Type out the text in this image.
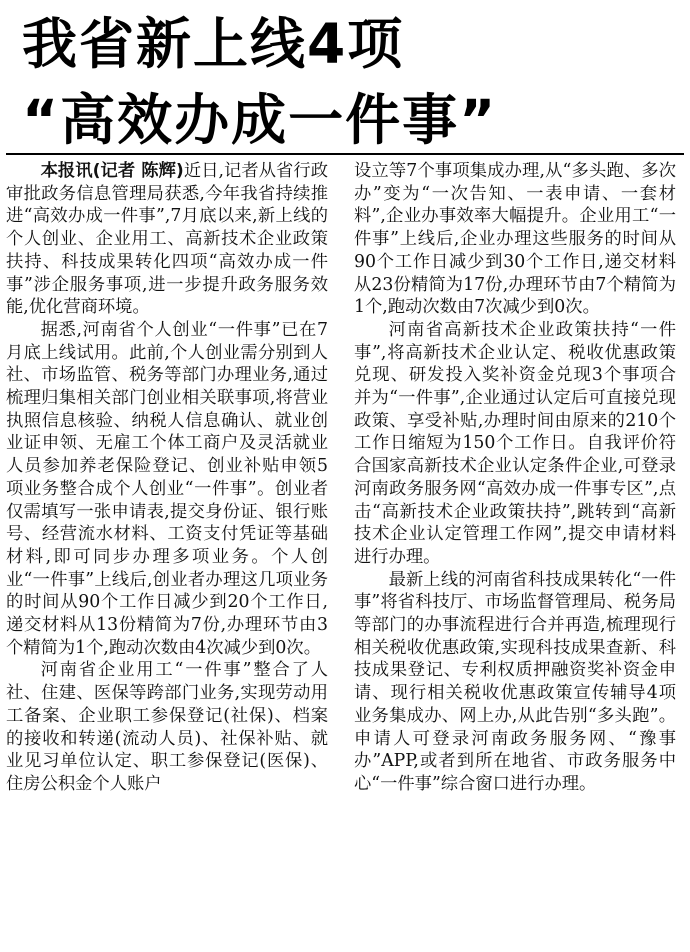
我省新上线4项
“高效办成一件事”

本报讯(记者 陈辉)近日,记者从省行政审批政务信息管理局获悉,今年我省持续推进“高效办成一件事”,7月底以来,新上线的个人创业、企业用工、高新技术企业政策扶持、科技成果转化四项“高效办成一件事”涉企服务事项,进一步提升政务服务效能,优化营商环境。

据悉,河南省个人创业“一件事”已在7月底上线试用。此前,个人创业需分别到人社、市场监管、税务等部门办理业务,通过梳理归集相关部门创业相关联事项,将营业执照信息核验、纳税人信息确认、就业创业证申领、无雇工个体工商户及灵活就业人员参加养老保险登记、创业补贴申领5项业务整合成个人创业“一件事”。创业者仅需填写一张申请表,提交身份证、银行账号、经营流水材料、工资支付凭证等基础材料,即可同步办理多项业务。个人创业“一件事”上线后,创业者办理这几项业务的时间从90个工作日减少到20个工作日,递交材料从13份精简为7份,办理环节由3个精简为1个,跑动次数由4次减少到0次。

河南省企业用工“一件事”整合了人社、住建、医保等跨部门业务,实现劳动用工备案、企业职工参保登记(社保)、档案的接收和转递(流动人员)、社保补贴、就业见习单位认定、职工参保登记(医保)、住房公积金个人账户

设立等7个事项集成办理,从“多头跑、多次办”变为“一次告知、一表申请、一套材料”,企业办事效率大幅提升。企业用工“一件事”上线后,企业办理这些服务的时间从90个工作日减少到30个工作日,递交材料从23份精简为17份,办理环节由7个精简为1个,跑动次数由7次减少到0次。

河南省高新技术企业政策扶持“一件事”,将高新技术企业认定、税收优惠政策兑现、研发投入奖补资金兑现3个事项合并为“一件事”,企业通过认定后可直接兑现政策、享受补贴,办理时间由原来的210个工作日缩短为150个工作日。自我评价符合国家高新技术企业认定条件企业,可登录河南政务服务网“高效办成一件事专区”,点击“高新技术企业政策扶持”,跳转到“高新技术企业认定管理工作网”,提交申请材料进行办理。

最新上线的河南省科技成果转化“一件事”将省科技厅、市场监督管理局、税务局等部门的办事流程进行合并再造,梳理现行相关税收优惠政策,实现科技成果查新、科技成果登记、专利权质押融资奖补资金申请、现行相关税收优惠政策宣传辅导4项业务集成办、网上办,从此告别“多头跑”。申请人可登录河南政务服务网、“豫事办”APP,或者到所在地省、市政务服务中心“一件事”综合窗口进行办理。
